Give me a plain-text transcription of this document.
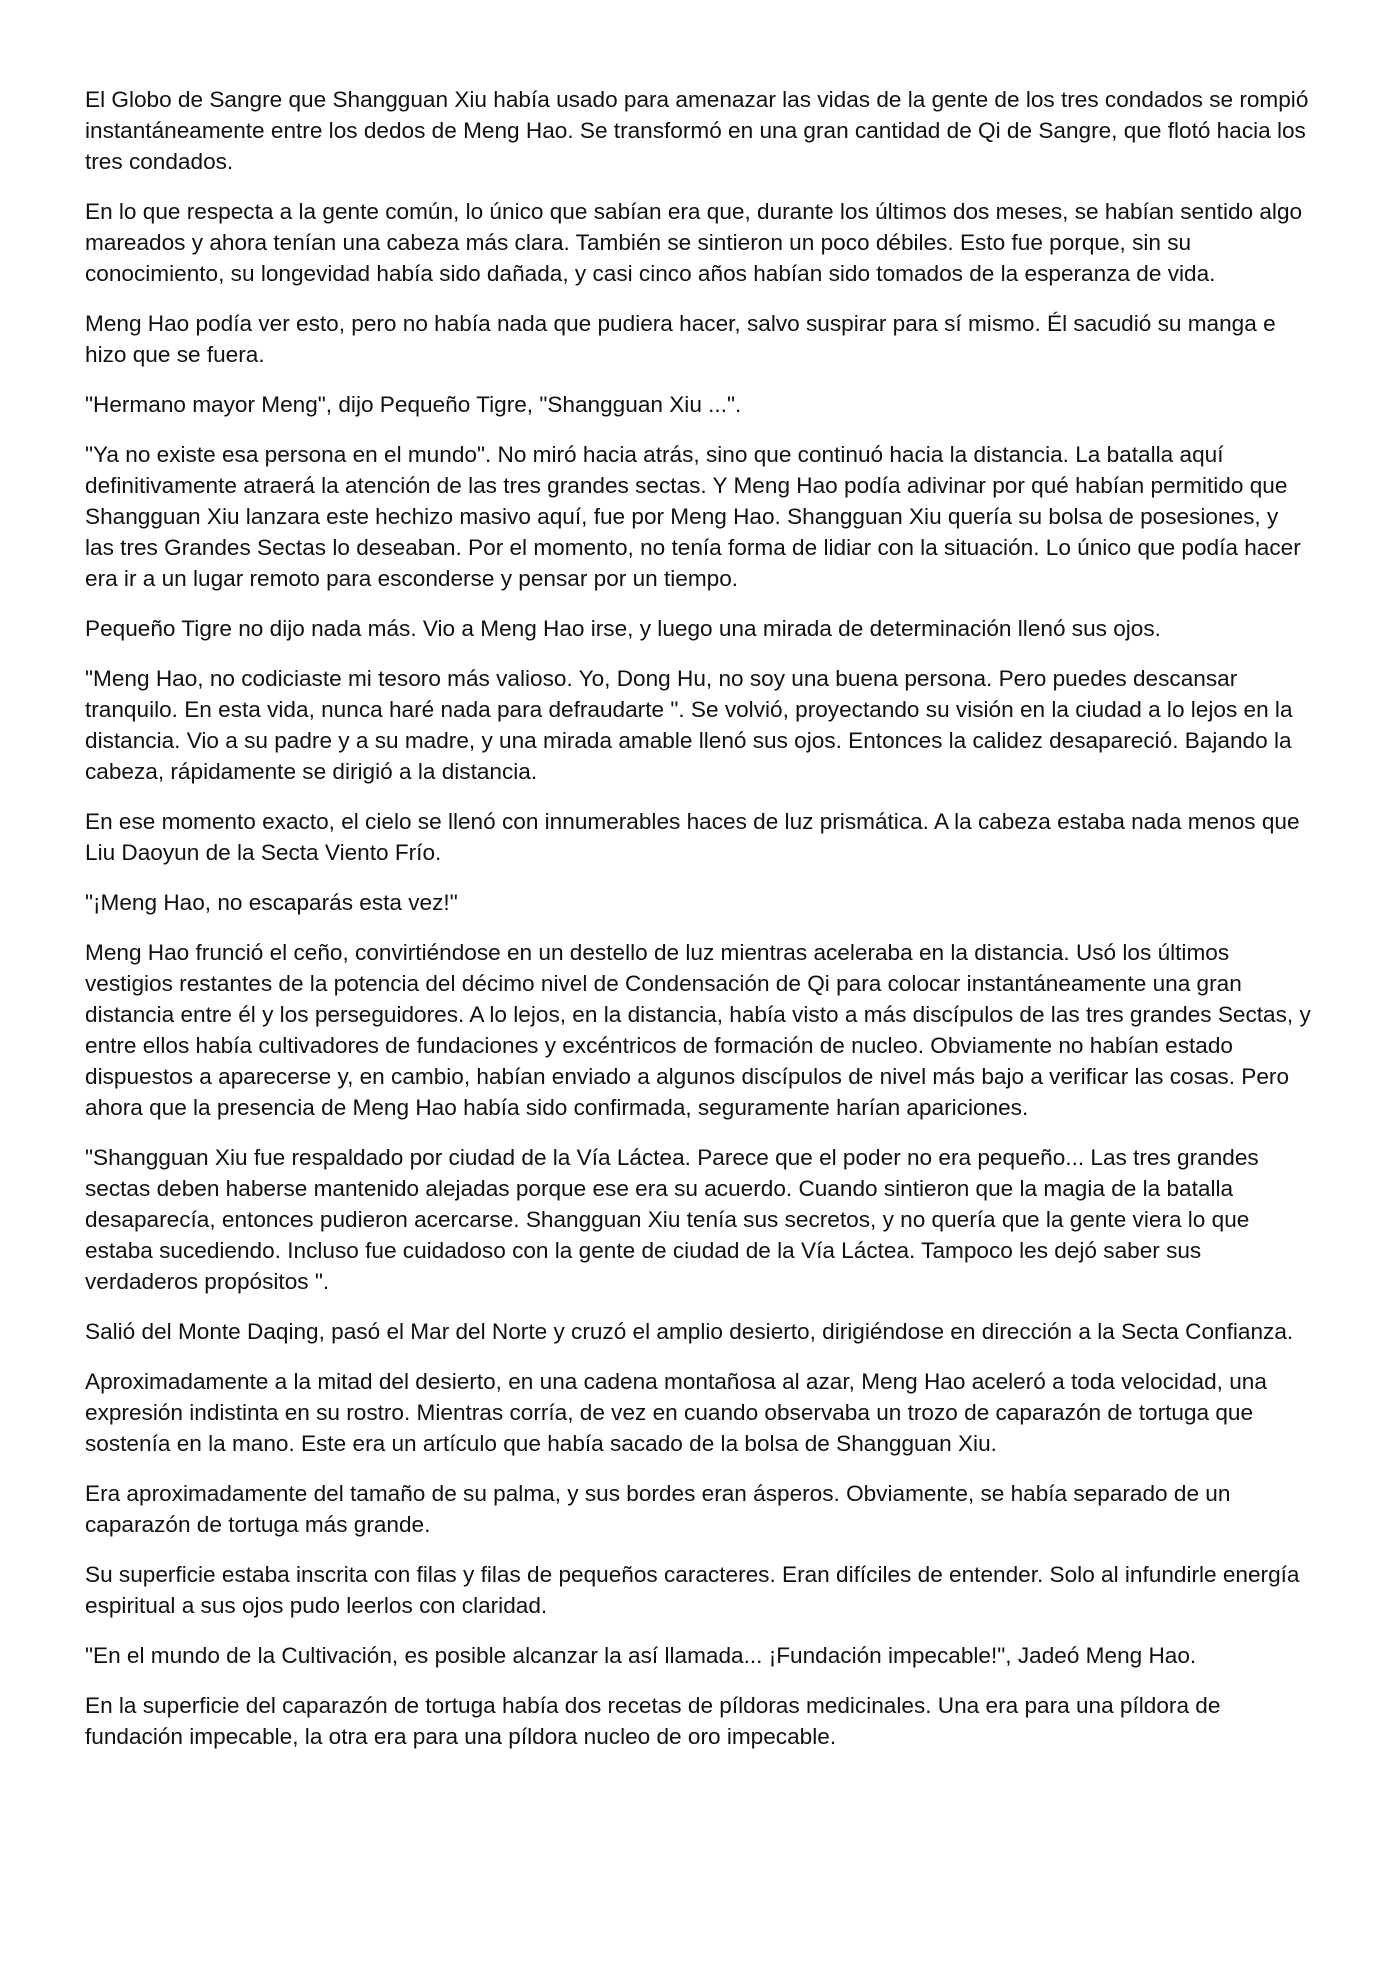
El Globo de Sangre que Shangguan Xiu había usado para amenazar las vidas de la gente de los tres condados se rompió instantáneamente entre los dedos de Meng Hao. Se transformó en una gran cantidad de Qi de Sangre, que flotó hacia los tres condados.

En lo que respecta a la gente común, lo único que sabían era que, durante los últimos dos meses, se habían sentido algo mareados y ahora tenían una cabeza más clara. También se sintieron un poco débiles. Esto fue porque, sin su conocimiento, su longevidad había sido dañada, y casi cinco años habían sido tomados de la esperanza de vida.

Meng Hao podía ver esto, pero no había nada que pudiera hacer, salvo suspirar para sí mismo. Él sacudió su manga e hizo que se fuera.

"Hermano mayor Meng", dijo Pequeño Tigre, "Shangguan Xiu ...".

"Ya no existe esa persona en el mundo". No miró hacia atrás, sino que continuó hacia la distancia. La batalla aquí definitivamente atraerá la atención de las tres grandes sectas. Y Meng Hao podía adivinar por qué habían permitido que Shangguan Xiu lanzara este hechizo masivo aquí, fue por Meng Hao. Shangguan Xiu quería su bolsa de posesiones, y las tres Grandes Sectas lo deseaban. Por el momento, no tenía forma de lidiar con la situación. Lo único que podía hacer era ir a un lugar remoto para esconderse y pensar por un tiempo.

Pequeño Tigre no dijo nada más. Vio a Meng Hao irse, y luego una mirada de determinación llenó sus ojos.

"Meng Hao, no codiciaste mi tesoro más valioso. Yo, Dong Hu, no soy una buena persona. Pero puedes descansar tranquilo. En esta vida, nunca haré nada para defraudarte ". Se volvió, proyectando su visión en la ciudad a lo lejos en la distancia. Vio a su padre y a su madre, y una mirada amable llenó sus ojos. Entonces la calidez desapareció. Bajando la cabeza, rápidamente se dirigió a la distancia.

En ese momento exacto, el cielo se llenó con innumerables haces de luz prismática. A la cabeza estaba nada menos que Liu Daoyun de la Secta Viento Frío.

"¡Meng Hao, no escaparás esta vez!"

Meng Hao frunció el ceño, convirtiéndose en un destello de luz mientras aceleraba en la distancia. Usó los últimos vestigios restantes de la potencia del décimo nivel de Condensación de Qi para colocar instantáneamente una gran distancia entre él y los perseguidores. A lo lejos, en la distancia, había visto a más discípulos de las tres grandes Sectas, y entre ellos había cultivadores de fundaciones y excéntricos de formación de nucleo. Obviamente no habían estado dispuestos a aparecerse y, en cambio, habían enviado a algunos discípulos de nivel más bajo a verificar las cosas. Pero ahora que la presencia de Meng Hao había sido confirmada, seguramente harían apariciones.

"Shangguan Xiu fue respaldado por ciudad de la Vía Láctea. Parece que el poder no era pequeño... Las tres grandes sectas deben haberse mantenido alejadas porque ese era su acuerdo. Cuando sintieron que la magia de la batalla desaparecía, entonces pudieron acercarse. Shangguan Xiu tenía sus secretos, y no quería que la gente viera lo que estaba sucediendo. Incluso fue cuidadoso con la gente de ciudad de la Vía Láctea. Tampoco les dejó saber sus verdaderos propósitos ".

Salió del Monte Daqing, pasó el Mar del Norte y cruzó el amplio desierto, dirigiéndose en dirección a la Secta Confianza.

Aproximadamente a la mitad del desierto, en una cadena montañosa al azar, Meng Hao aceleró a toda velocidad, una expresión indistinta en su rostro. Mientras corría, de vez en cuando observaba un trozo de caparazón de tortuga que sostenía en la mano. Este era un artículo que había sacado de la bolsa de Shangguan Xiu.

Era aproximadamente del tamaño de su palma, y sus bordes eran ásperos. Obviamente, se había separado de un caparazón de tortuga más grande.

Su superficie estaba inscrita con filas y filas de pequeños caracteres. Eran difíciles de entender. Solo al infundirle energía espiritual a sus ojos pudo leerlos con claridad.

"En el mundo de la Cultivación, es posible alcanzar la así llamada... ¡Fundación impecable!", Jadeó Meng Hao.

En la superficie del caparazón de tortuga había dos recetas de píldoras medicinales. Una era para una píldora de fundación impecable, la otra era para una píldora nucleo de oro impecable.
